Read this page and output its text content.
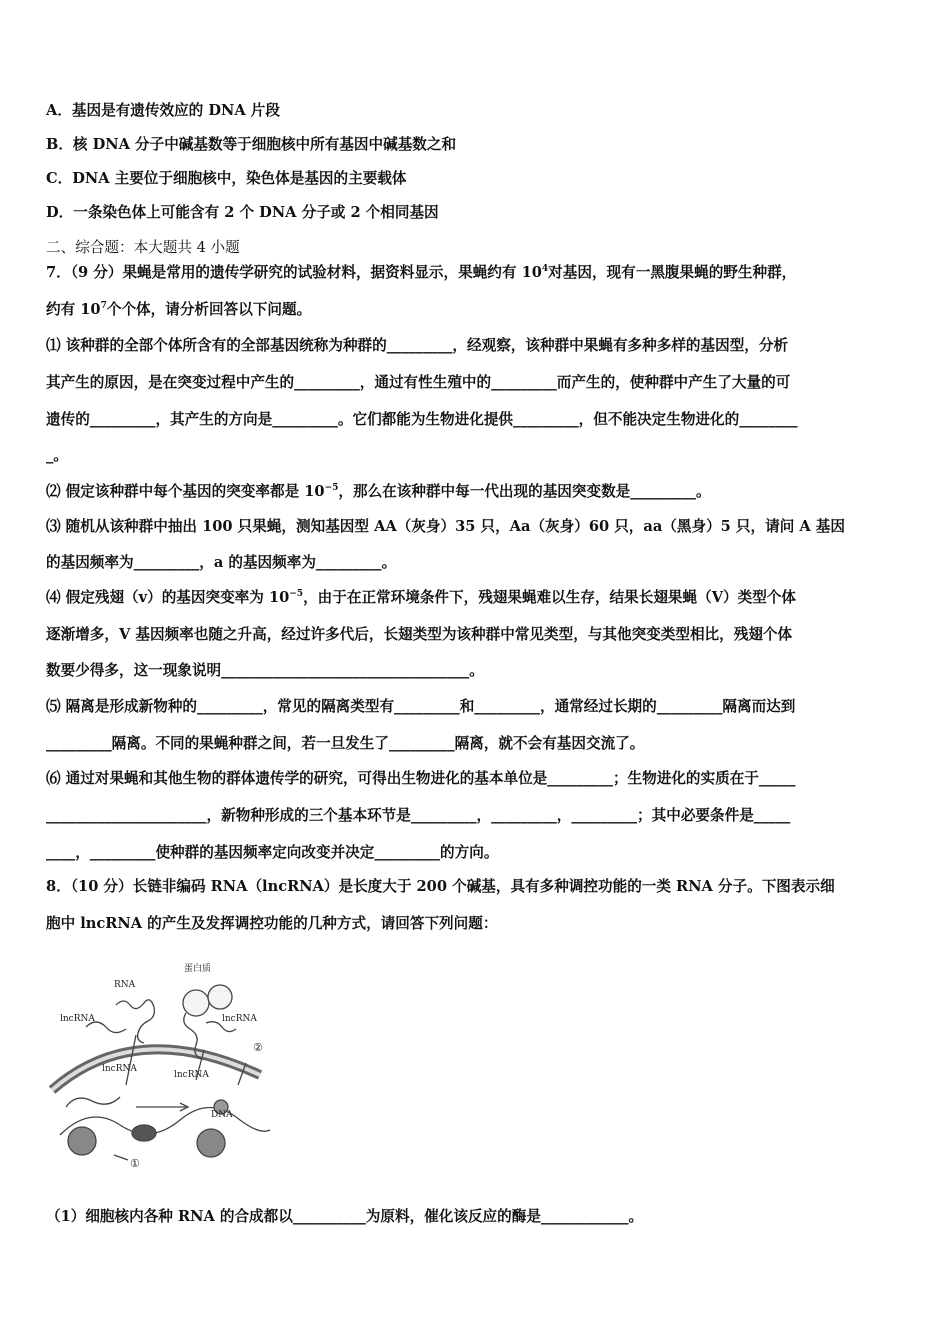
A．基因是有遗传效应的 DNA 片段
B．核 DNA 分子中碱基数等于细胞核中所有基因中碱基数之和
C．DNA 主要位于细胞核中，染色体是基因的主要载体
D．一条染色体上可能含有 2 个 DNA 分子或 2 个相同基因
二、综合题：本大题共 4 小题
7．（9 分）果蝇是常用的遗传学研究的试验材料，据资料显示，果蝇约有 $10^4$对基因，现有一黑腹果蝇的野生种群，
约有 $10^7$个个体，请分析回答以下问题。
⑴ 该种群的全部个体所含有的全部基因统称为种群的_________，经观察，该种群中果蝇有多种多样的基因型，分析
其产生的原因，是在突变过程中产生的_________，通过有性生殖中的_________而产生的，使种群中产生了大量的可
遗传的_________，其产生的方向是_________。它们都能为生物进化提供_________，但不能决定生物进化的________
_。
⑵ 假定该种群中每个基因的突变率都是 $10^{-5}$，那么在该种群中每一代出现的基因突变数是_________。
⑶ 随机从该种群中抽出 100 只果蝇，测知基因型 AA（灰身）35 只，Aa（灰身）60 只，aa（黑身）5 只，请问 A 基因
的基因频率为_________，a 的基因频率为_________。
⑷ 假定残翅（v）的基因突变率为 $10^{-5}$，由于在正常环境条件下，残翅果蝇难以生存，结果长翅果蝇（V）类型个体
逐渐增多，V 基因频率也随之升高，经过许多代后，长翅类型为该种群中常见类型，与其他突变类型相比，残翅个体
数要少得多，这一现象说明__________________________________。
⑸ 隔离是形成新物种的_________，常见的隔离类型有_________和_________，通常经过长期的_________隔离而达到
_________隔离。不同的果蝇种群之间，若一旦发生了_________隔离，就不会有基因交流了。
⑹ 通过对果蝇和其他生物的群体遗传学的研究，可得出生物进化的基本单位是_________；生物进化的实质在于_____
______________________，新物种形成的三个基本环节是_________，_________，_________；其中必要条件是_____
____，_________使种群的基因频率定向改变并决定_________的方向。
8．（10 分）长链非编码 RNA（lncRNA）是长度大于 200 个碱基，具有多种调控功能的一类 RNA 分子。下图表示细
胞中 lncRNA 的产生及发挥调控功能的几种方式，请回答下列问题：
RNA
蛋白质
lncRNA	lncRNA
lncRNA
lncRNA
DNA
①
②
（1）细胞核内各种 RNA 的合成都以__________为原料，催化该反应的酶是____________。
